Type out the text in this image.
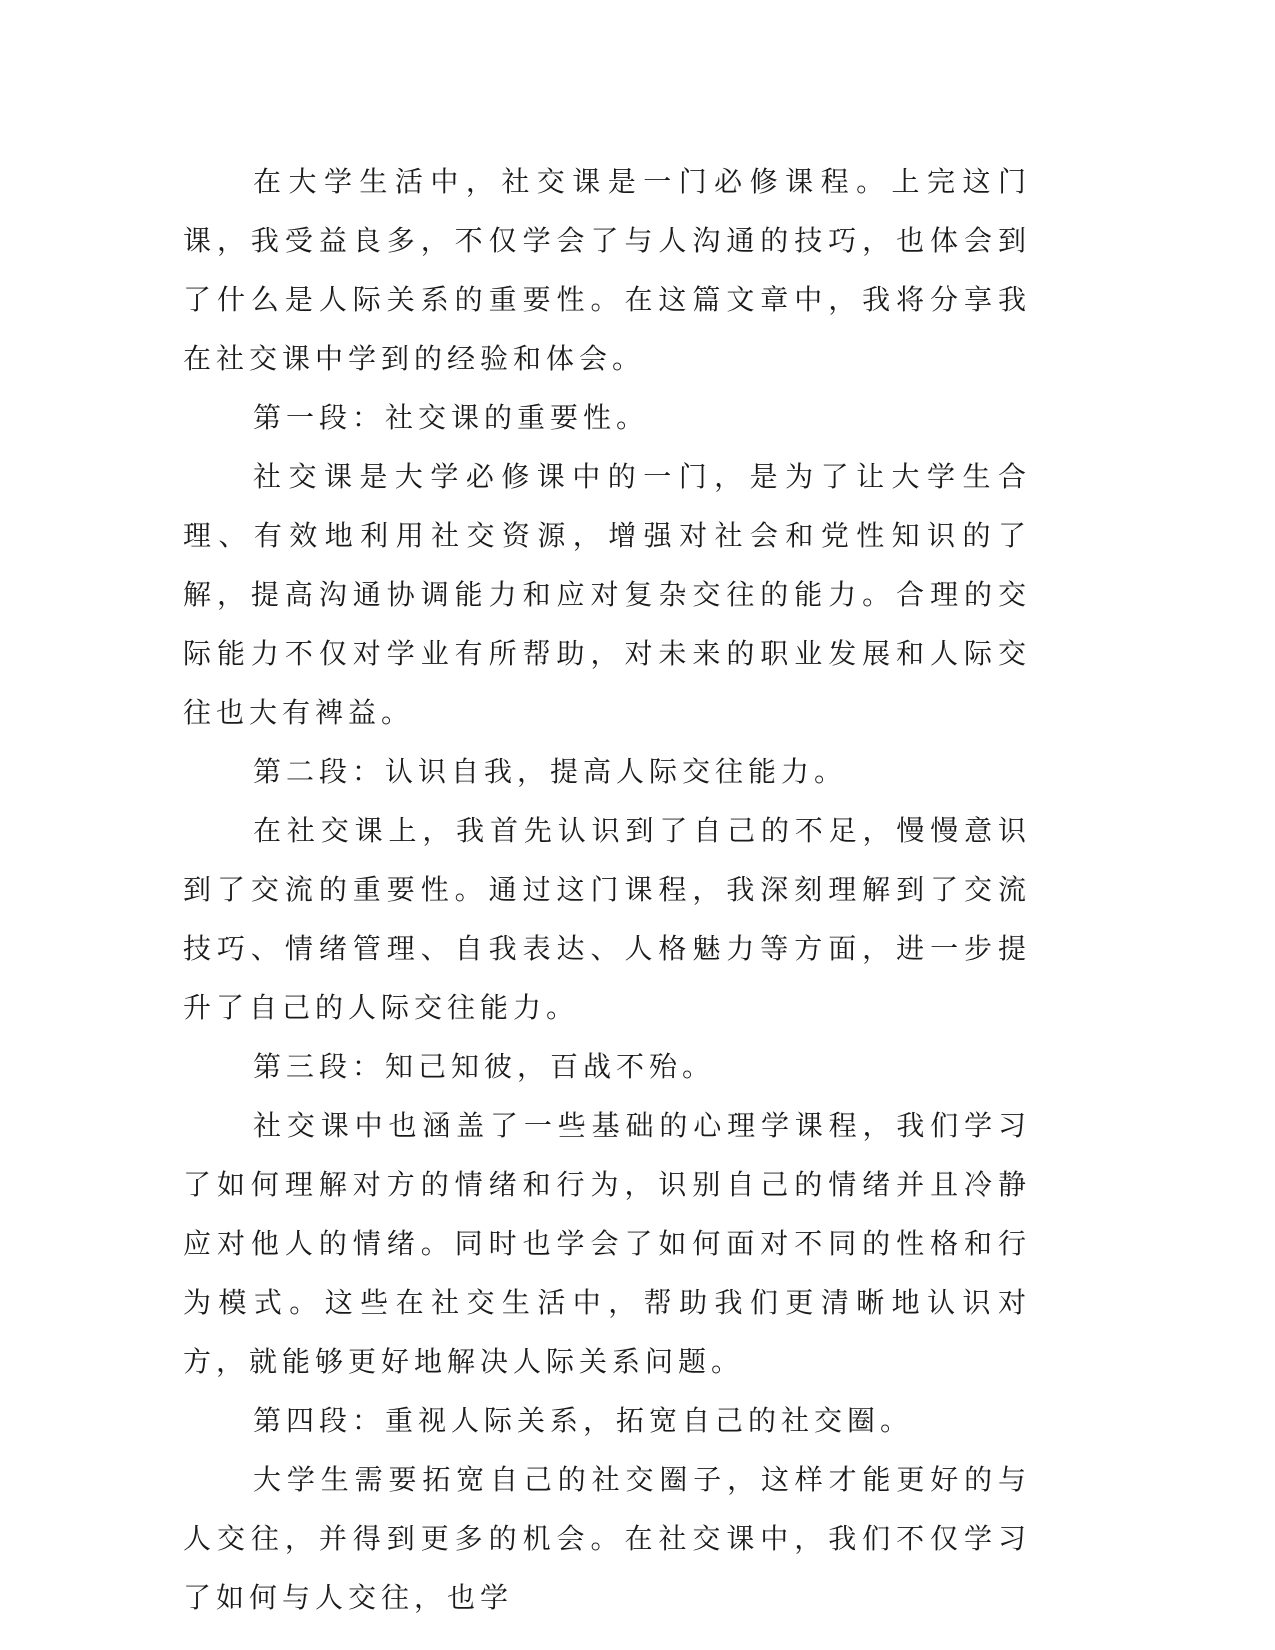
在大学生活中，社交课是一门必修课程。上完这门课，我受益良多，不仅学会了与人沟通的技巧，也体会到了什么是人际关系的重要性。在这篇文章中，我将分享我在社交课中学到的经验和体会。

第一段：社交课的重要性。

社交课是大学必修课中的一门，是为了让大学生合理、有效地利用社交资源，增强对社会和党性知识的了解，提高沟通协调能力和应对复杂交往的能力。合理的交际能力不仅对学业有所帮助，对未来的职业发展和人际交往也大有裨益。

第二段：认识自我，提高人际交往能力。

在社交课上，我首先认识到了自己的不足，慢慢意识到了交流的重要性。通过这门课程，我深刻理解到了交流技巧、情绪管理、自我表达、人格魅力等方面，进一步提升了自己的人际交往能力。

第三段：知己知彼，百战不殆。

社交课中也涵盖了一些基础的心理学课程，我们学习了如何理解对方的情绪和行为，识别自己的情绪并且冷静应对他人的情绪。同时也学会了如何面对不同的性格和行为模式。这些在社交生活中，帮助我们更清晰地认识对方，就能够更好地解决人际关系问题。

第四段：重视人际关系，拓宽自己的社交圈。

大学生需要拓宽自己的社交圈子，这样才能更好的与人交往，并得到更多的机会。在社交课中，我们不仅学习了如何与人交往，也学
